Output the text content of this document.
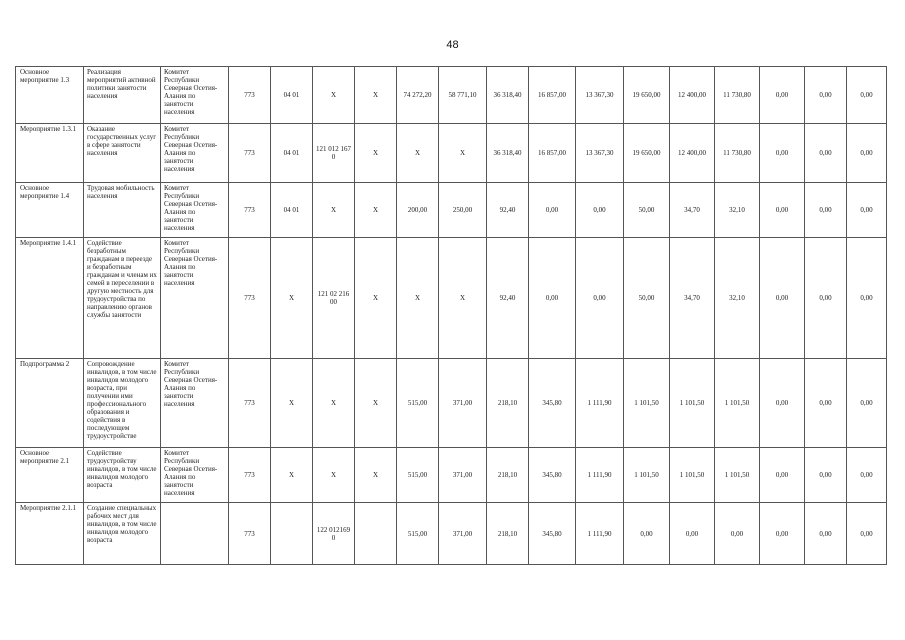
48
Основное мероприятие 1.3	Реализация мероприятий активной политики занятости населения	Комитет Республики Северная Осетия-Алания по занятости населения	773	04 01	X	X	74 272,20	58 771,10	36 318,40	16 857,00	13 367,30	19 650,00	12 400,00	11 730,80	0,00	0,00	0,00
Мероприятие 1.3.1	Оказание государственных услуг в сфере занятости населения	Комитет Республики Северная Осетия-Алания по занятости населения	773	04 01	121 012 167 0	X	X	X	36 318,40	16 857,00	13 367,30	19 650,00	12 400,00	11 730,80	0,00	0,00	0,00
Основное мероприятие 1.4	Трудовая мобильность населения	Комитет Республики Северная Осетия-Алания по занятости населения	773	04 01	X	X	200,00	250,00	92,40	0,00	0,00	50,00	34,70	32,10	0,00	0,00	0,00
Мероприятие 1.4.1	Содействие безработным гражданам в переезде и безработным гражданам и членам их семей в переселении в другую местность для трудоустройства по направлению органов службы занятости	Комитет Республики Северная Осетия-Алания по занятости населения	773	X	121 02 216 00	X	X	X	92,40	0,00	0,00	50,00	34,70	32,10	0,00	0,00	0,00
Подпрограмма 2	Сопровождение инвалидов, в том числе инвалидов молодого возраста, при получении ими профессионального образования и содействия в последующем трудоустройстве	Комитет Республики Северная Осетия-Алания по занятости населения	773	X	X	X	515,00	371,00	218,10	345,80	1 111,90	1 101,50	1 101,50	1 101,50	0,00	0,00	0,00
Основное мероприятие 2.1	Содействие трудоустройству инвалидов, в том числе инвалидов молодого возраста	Комитет Республики Северная Осетия-Алания по занятости населения	773	X	X	X	515,00	371,00	218,10	345,80	1 111,90	1 101,50	1 101,50	1 101,50	0,00	0,00	0,00
Мероприятие 2.1.1	Создание специальных рабочих мест для инвалидов, в том числе инвалидов молодого возраста		773		122 012169 0		515,00	371,00	218,10	345,80	1 111,90	0,00	0,00	0,00	0,00	0,00	0,00
